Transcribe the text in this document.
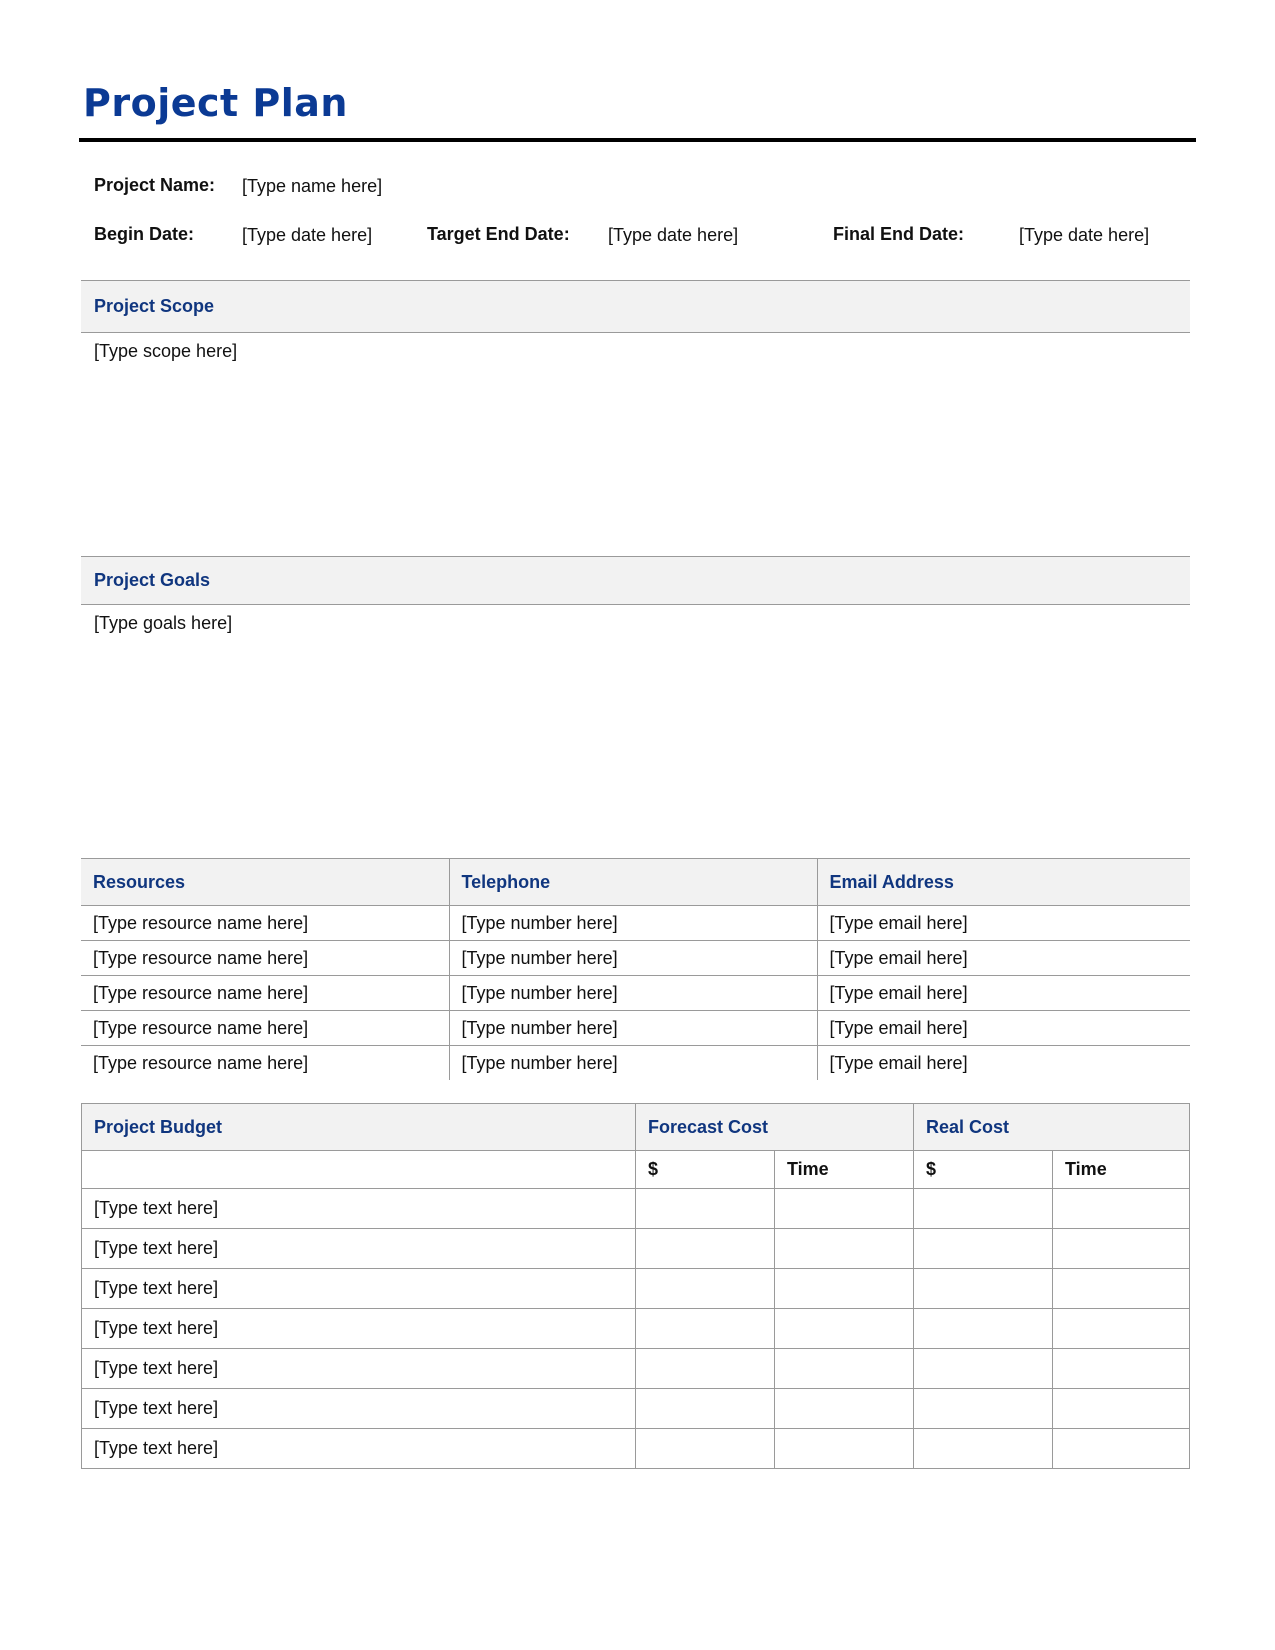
Project Plan
Project Name: [Type name here]
Begin Date:	[Type date here]	Target End Date: [Type date here]	Final End Date:	[Type date here]
Project Scope
[Type scope here]
Project Goals
[Type goals here]
Resources	Telephone	Email Address
[Type resource name here]	[Type number here]	[Type email here]
[Type resource name here]	[Type number here]	[Type email here]
[Type resource name here]	[Type number here]	[Type email here]
[Type resource name here]	[Type number here]	[Type email here]
[Type resource name here]	[Type number here]	[Type email here]
Project Budget	Forecast Cost		Real Cost	
	$	Time	$	Time
[Type text here]				
[Type text here]				
[Type text here]				
[Type text here]				
[Type text here]				
[Type text here]				
[Type text here]				
